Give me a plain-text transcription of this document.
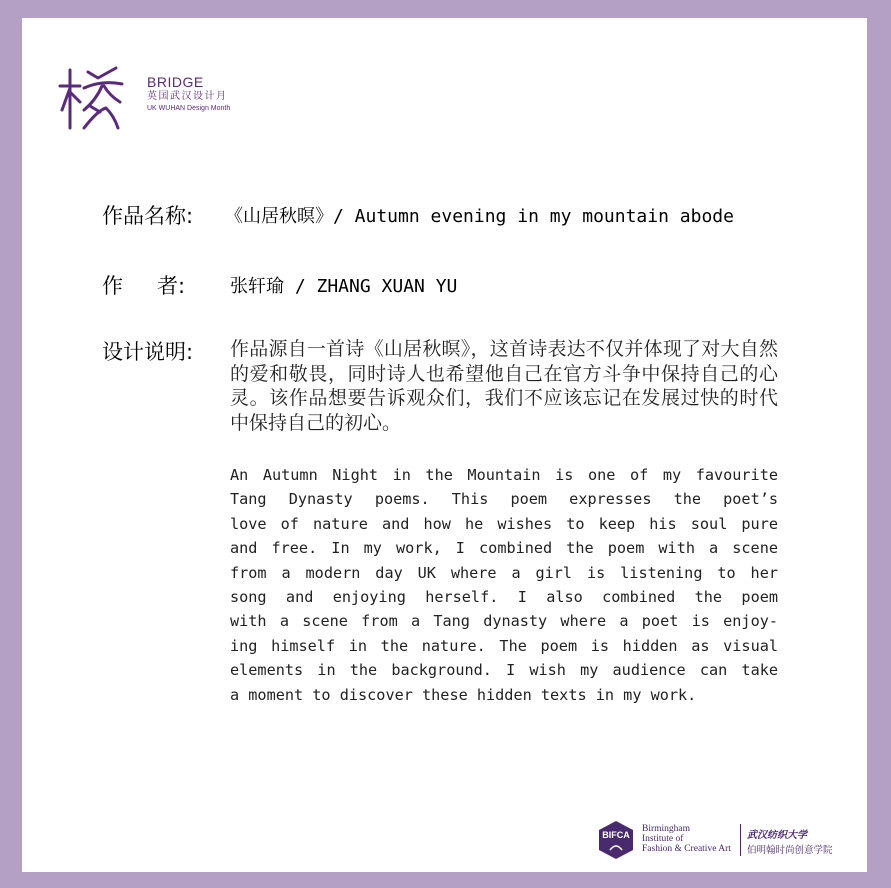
BRIDGE
英国武汉设计月
UK WUHAN Design Month
作品名称: 《山居秋暝》/ Autumn evening in my mountain abode
作 者: 张轩瑜 / ZHANG XUAN YU
设计说明: 作品源自一首诗《山居秋暝》，这首诗表达不仅并体现了对大自然的爱和敬畏，同时诗人也希望他自己在官方斗争中保持自己的心灵。该作品想要告诉观众们，我们不应该忘记在发展过快的时代中保持自己的初心。
An Autumn Night in the Mountain is one of my favourite
Tang Dynasty poems. This poem expresses the poet’s
love of nature and how he wishes to keep his soul pure
and free. In my work, I combined the poem with a scene
from a modern day UK where a girl is listening to her
song and enjoying herself. I also combined the poem
with a scene from a Tang dynasty where a poet is enjoy-
ing himself in the nature. The poem is hidden as visual
elements in the background. I wish my audience can take
a moment to discover these hidden texts in my work.
BIFCA
Birmingham
Institute of
Fashion & Creative Art
武汉纺织大学
伯明翰时尚创意学院
